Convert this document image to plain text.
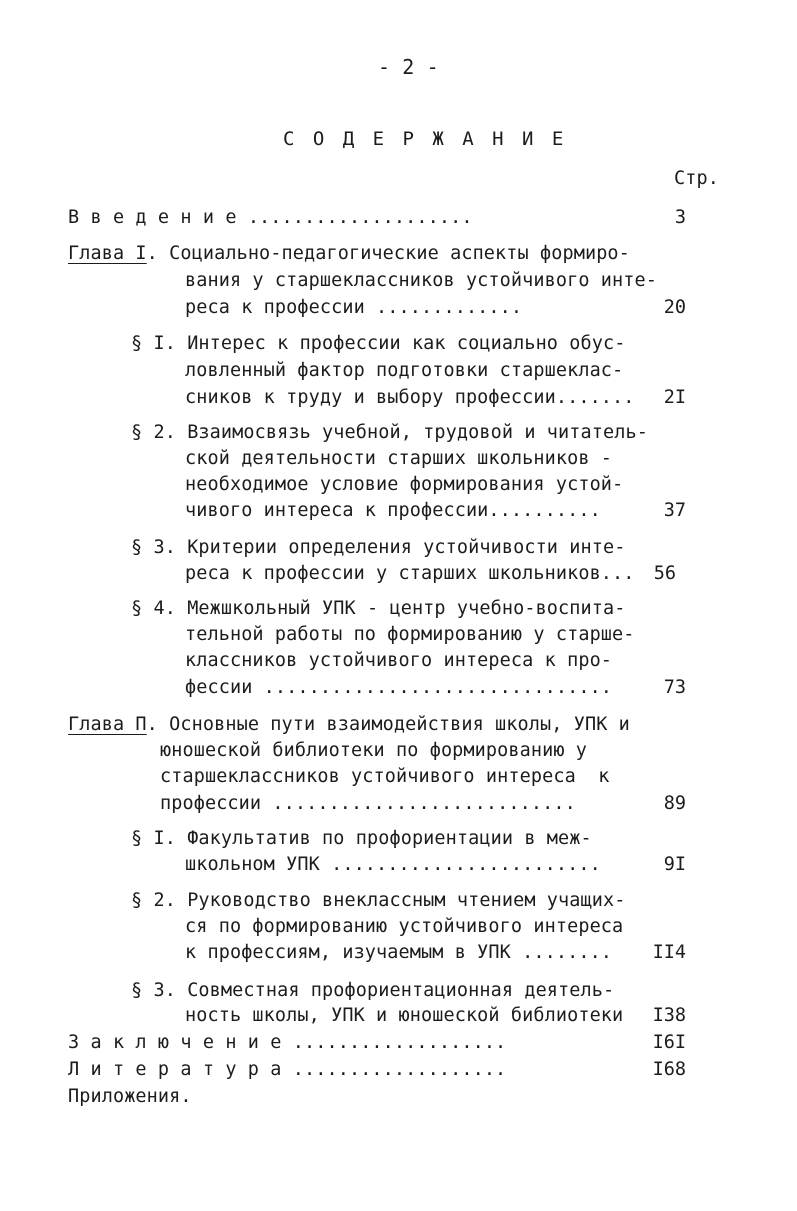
- 2 -
С О Д Е Р Ж А Н И Е
Стр.
В в е д е н и е ....................	3
Глава I. Социально-педагогические аспекты формиро-
вания у старшеклассников устойчивого инте-
реса к профессии .............	20
§ I. Интерес к профессии как социально обус-
ловленный фактор подготовки старшеклас-
сников к труду и выбору профессии.......	2I
§ 2. Взаимосвязь учебной, трудовой и читатель-
ской деятельности старших школьников -
необходимое условие формирования устой-
чивого интереса к профессии..........	37
§ 3. Критерии определения устойчивости инте-
реса к профессии у старших школьников...	56
§ 4. Межшкольный УПК - центр учебно-воспита-
тельной работы по формированию у старше-
классников устойчивого интереса к про-
фессии ...............................	73
Глава П. Основные пути взаимодействия школы, УПК и
юношеской библиотеки по формированию у
старшеклассников устойчивого интереса  к
профессии ...........................	89
§ I. Факультатив по профориентации в меж-
школьном УПК ........................	9I
§ 2. Руководство внеклассным чтением учащих-
ся по формированию устойчивого интереса
к профессиям, изучаемым в УПК ........	II4
§ 3. Совместная профориентационная деятель-
ность школы, УПК и юношеской библиотеки	I38
З а к л ю ч е н и е ...................	I6I
Л и т е р а т у р а ...................	I68
Приложения.
